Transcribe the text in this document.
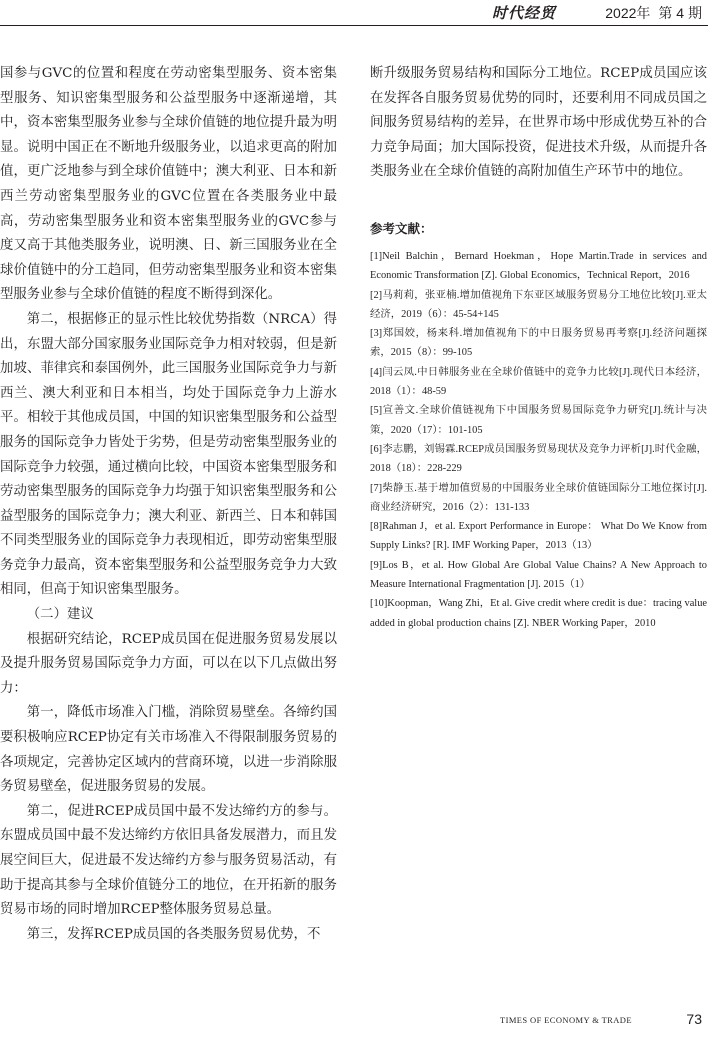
时代经贸	2022年 第 4 期

国参与GVC的位置和程度在劳动密集型服务、资本密集型服务、知识密集型服务和公益型服务中逐渐递增，其中，资本密集型服务业参与全球价值链的地位提升最为明显。说明中国正在不断地升级服务业，以追求更高的附加值，更广泛地参与到全球价值链中；澳大利亚、日本和新西兰劳动密集型服务业的GVC位置在各类服务业中最高，劳动密集型服务业和资本密集型服务业的GVC参与度又高于其他类服务业，说明澳、日、新三国服务业在全球价值链中的分工趋同，但劳动密集型服务业和资本密集型服务业参与全球价值链的程度不断得到深化。

第二，根据修正的显示性比较优势指数（NRCA）得出，东盟大部分国家服务业国际竞争力相对较弱，但是新加坡、菲律宾和泰国例外，此三国服务业国际竞争力与新西兰、澳大利亚和日本相当，均处于国际竞争力上游水平。相较于其他成员国，中国的知识密集型服务和公益型服务的国际竞争力皆处于劣势，但是劳动密集型服务业的国际竞争力较强，通过横向比较，中国资本密集型服务和劳动密集型服务的国际竞争力均强于知识密集型服务和公益型服务的国际竞争力；澳大利亚、新西兰、日本和韩国不同类型服务业的国际竞争力表现相近，即劳动密集型服务竞争力最高，资本密集型服务和公益型服务竞争力大致相同，但高于知识密集型服务。

（二）建议

根据研究结论，RCEP成员国在促进服务贸易发展以及提升服务贸易国际竞争力方面，可以在以下几点做出努力：

第一，降低市场准入门槛，消除贸易壁垒。各缔约国要积极响应RCEP协定有关市场准入不得限制服务贸易的各项规定，完善协定区域内的营商环境，以进一步消除服务贸易壁垒，促进服务贸易的发展。

第二，促进RCEP成员国中最不发达缔约方的参与。东盟成员国中最不发达缔约方依旧具备发展潜力，而且发展空间巨大，促进最不发达缔约方参与服务贸易活动，有助于提高其参与全球价值链分工的地位，在开拓新的服务贸易市场的同时增加RCEP整体服务贸易总量。

第三，发挥RCEP成员国的各类服务贸易优势，不

断升级服务贸易结构和国际分工地位。RCEP成员国应该在发挥各自服务贸易优势的同时，还要利用不同成员国之间服务贸易结构的差异，在世界市场中形成优势互补的合力竞争局面；加大国际投资，促进技术升级，从而提升各类服务业在全球价值链的高附加值生产环节中的地位。

参考文献：

[1]Neil Balchin，Bernard Hoekman，Hope Martin.Trade in services and Economic Transformation [Z]. Global Economics，Technical Report，2016

[2]马莉莉，张亚楠.增加值视角下东亚区域服务贸易分工地位比较[J].亚太经济，2019（6）：45-54+145

[3]郑国姣，杨来科.增加值视角下的中日服务贸易再考察[J].经济问题探索，2015（8）：99-105

[4]闫云凤.中日韩服务业在全球价值链中的竞争力比较[J].现代日本经济，2018（1）：48-59

[5]宣善文.全球价值链视角下中国服务贸易国际竞争力研究[J].统计与决策，2020（17）：101-105

[6]李志鹏，刘锡霖.RCEP成员国服务贸易现状及竞争力评析[J].时代金融，2018（18）：228-229

[7]柴静玉.基于增加值贸易的中国服务业全球价值链国际分工地位探讨[J].商业经济研究，2016（2）：131-133

[8]Rahman J，et al. Export Performance in Europe： What Do We Know from Supply Links? [R]. IMF Working Paper，2013（13）

[9]Los B，et al. How Global Are Global Value Chains? A New Approach to Measure International Fragmentation [J]. 2015（1）

[10]Koopman，Wang Zhi，Et al. Give credit where credit is due：tracing value added in global production chains [Z]. NBER Working Paper，2010

TIMES OF ECONOMY & TRADE	73
